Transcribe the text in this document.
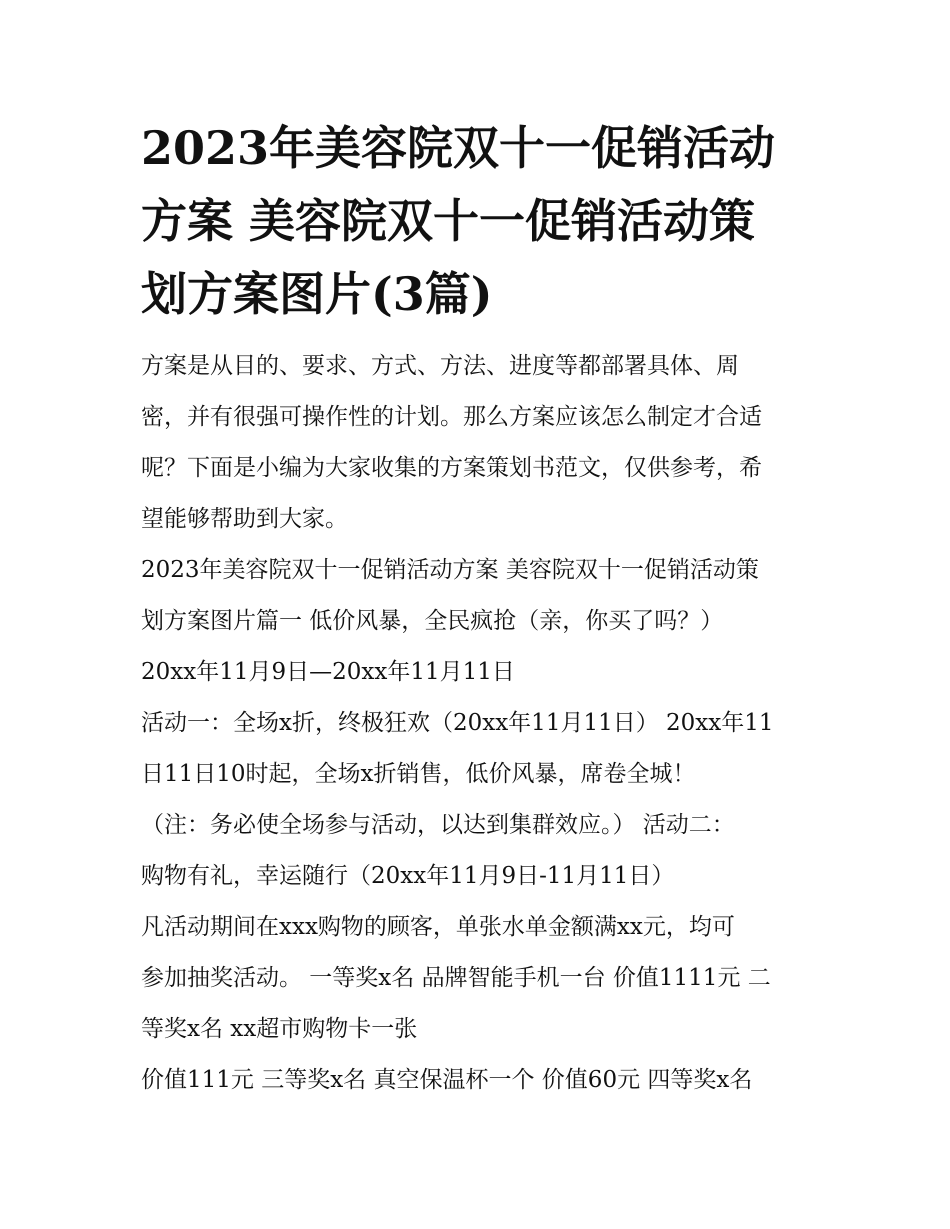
2023年美容院双十一促销活动
方案 美容院双十一促销活动策
划方案图片(3篇)
方案是从目的、要求、方式、方法、进度等都部署具体、周
密，并有很强可操作性的计划。那么方案应该怎么制定才合适
呢？下面是小编为大家收集的方案策划书范文，仅供参考，希
望能够帮助到大家。
2023年美容院双十一促销活动方案 美容院双十一促销活动策
划方案图片篇一 低价风暴，全民疯抢（亲，你买了吗？）
20xx年11月9日—20xx年11月11日
活动一：全场x折，终极狂欢（20xx年11月11日） 20xx年11
日11日10时起，全场x折销售，低价风暴，席卷全城！
（注：务必使全场参与活动，以达到集群效应。） 活动二：
购物有礼，幸运随行（20xx年11月9日-11月11日）
凡活动期间在xxx购物的顾客，单张水单金额满xx元，均可
参加抽奖活动。 一等奖x名 品牌智能手机一台 价值1111元 二
等奖x名 xx超市购物卡一张
价值111元 三等奖x名 真空保温杯一个 价值60元 四等奖x名
